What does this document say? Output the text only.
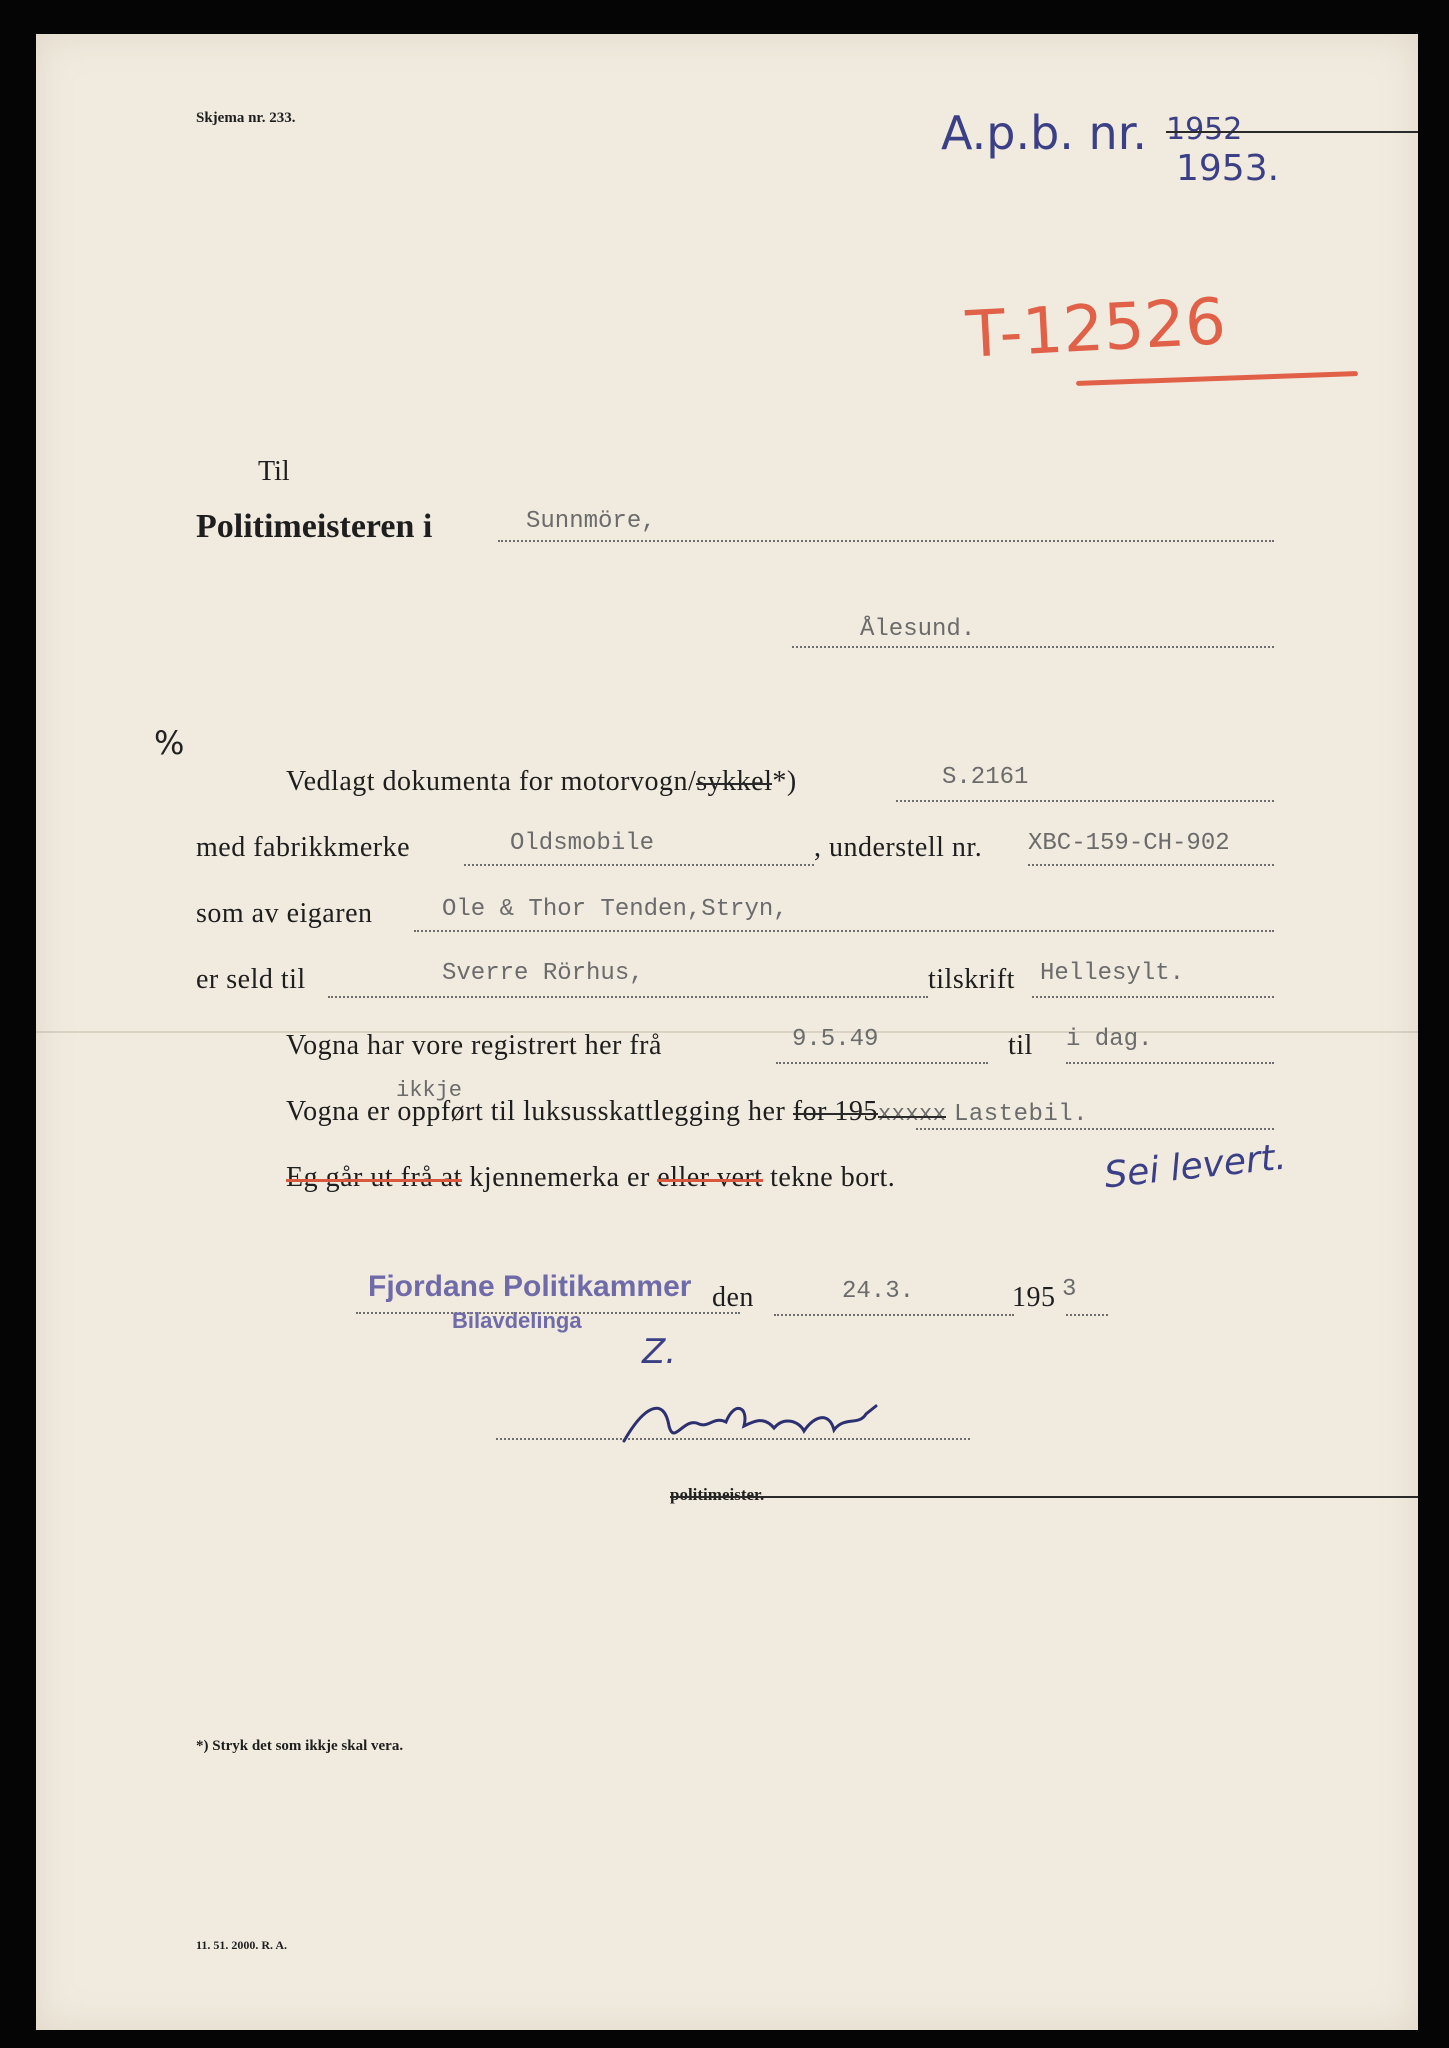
Skjema nr. 233.	A.p.b. nr. 1952
1953.
T-12526
Til
Politimeisteren i	Sunnmöre,
Ålesund.
%
Vedlagt dokumenta for motorvogn/sykkel*)	S.2161
med fabrikkmerke	Oldsmobile	, understell nr. XBC-159-CH-902
som av eigaren	Ole & Thor Tenden,Stryn,
er seld til	Sverre Rörhus,	tilskrift Hellesylt.
Vogna har vore registrert her frå	9.5.49	til i dag.
ikkje
Vogna er oppført til luksusskattlegging her for 195xxxxx Lastebil.
Eg går ut frå at kjennemerka er eller vert tekne bort.	Sei levert.
Fjordane Politikammer
Bilavdelinga
den	24.3.	195 3
Z.
politimeister.
*) Stryk det som ikkje skal vera.
11. 51. 2000. R. A.
